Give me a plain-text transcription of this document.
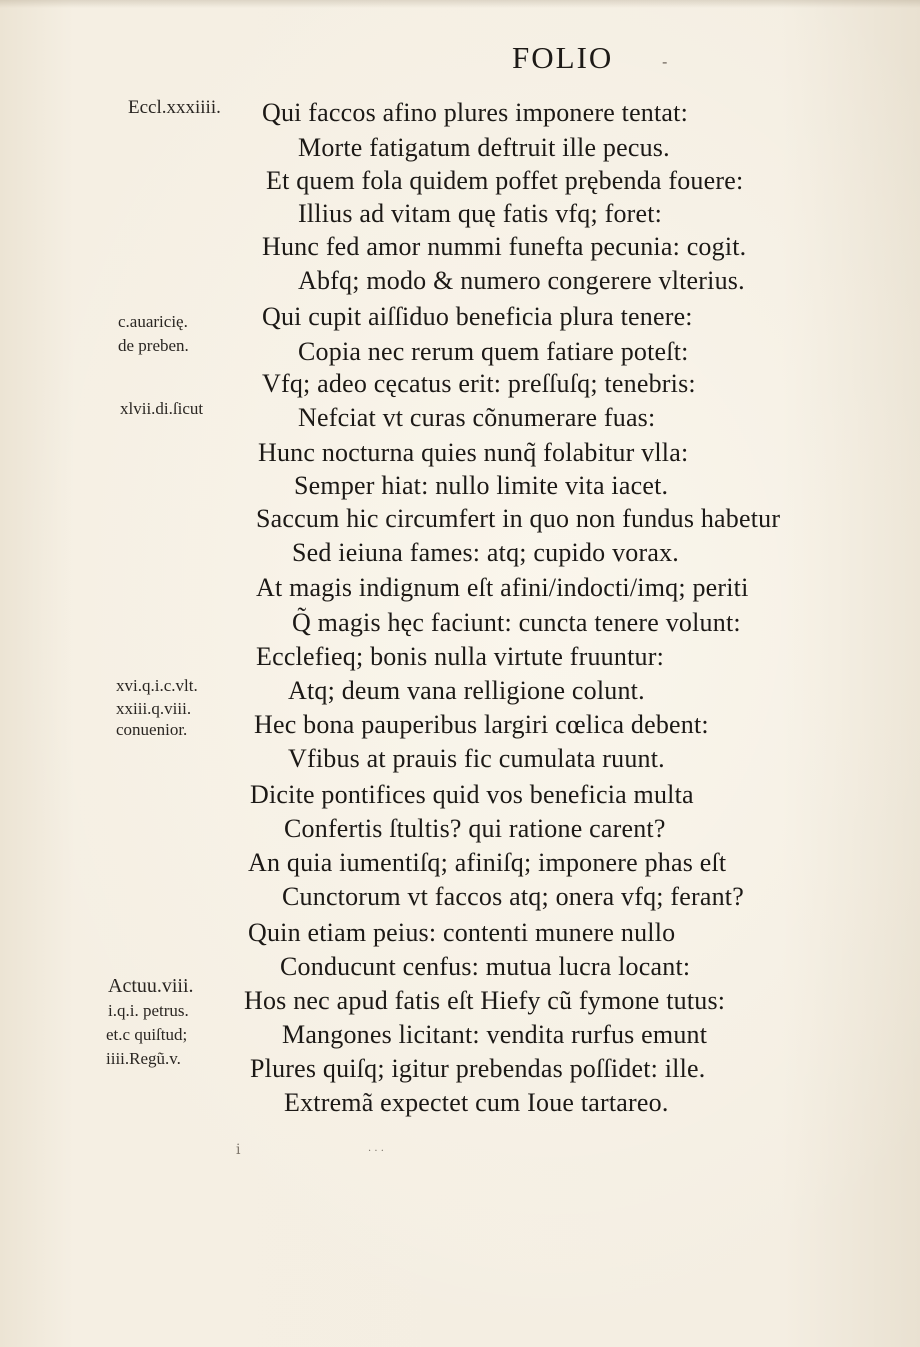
FOLIO	-
Eccl.xxxiiii.
c.auaricię.
de preben.
xlvii.di.ſicut
xvi.q.i.c.vlt.
xxiii.q.viii.
conuenior.
Actuu.viii.
i.q.i. petrus.
et.c quiſtud;
iiii.Regũ.v.
Qui faccos afino plures imponere tentat:
Morte fatigatum deftruit ille pecus.
Et quem fola quidem poffet prębenda fouere:
Illius ad vitam quę fatis vfq; foret:
Hunc fed amor nummi funefta pecunia: cogit.
Abfq; modo & numero congerere vlterius.
Qui cupit aiſſiduo beneficia plura tenere:
Copia nec rerum quem fatiare poteſt:
Vfq; adeo cęcatus erit: preſſuſq; tenebris:
Nefciat vt curas cõnumerare fuas:
Hunc nocturna quies nunq̃ folabitur vlla:
Semper hiat: nullo limite vita iacet.
Saccum hic circumfert in quo non fundus habetur
Sed ieiuna fames: atq; cupido vorax.
At magis indignum eſt afini/indocti/imq; periti
Q̃ magis hęc faciunt: cuncta tenere volunt:
Ecclefieq; bonis nulla virtute fruuntur:
Atq; deum vana relligione colunt.
Hec bona pauperibus largiri cœlica debent:
Vfibus at prauis fic cumulata ruunt.
Dicite pontifices quid vos beneficia multa
Confertis ſtultis? qui ratione carent?
An quia iumentiſq; afiniſq; imponere phas eſt
Cunctorum vt faccos atq; onera vfq; ferant?
Quin etiam peius: contenti munere nullo
Conducunt cenfus: mutua lucra locant:
Hos nec apud fatis eſt Hiefy cũ fymone tutus:
Mangones licitant: vendita rurfus emunt
Plures quiſq; igitur prebendas poſſidet: ille.
Extremã expectet cum Ioue tartareo.
i	· · ·
